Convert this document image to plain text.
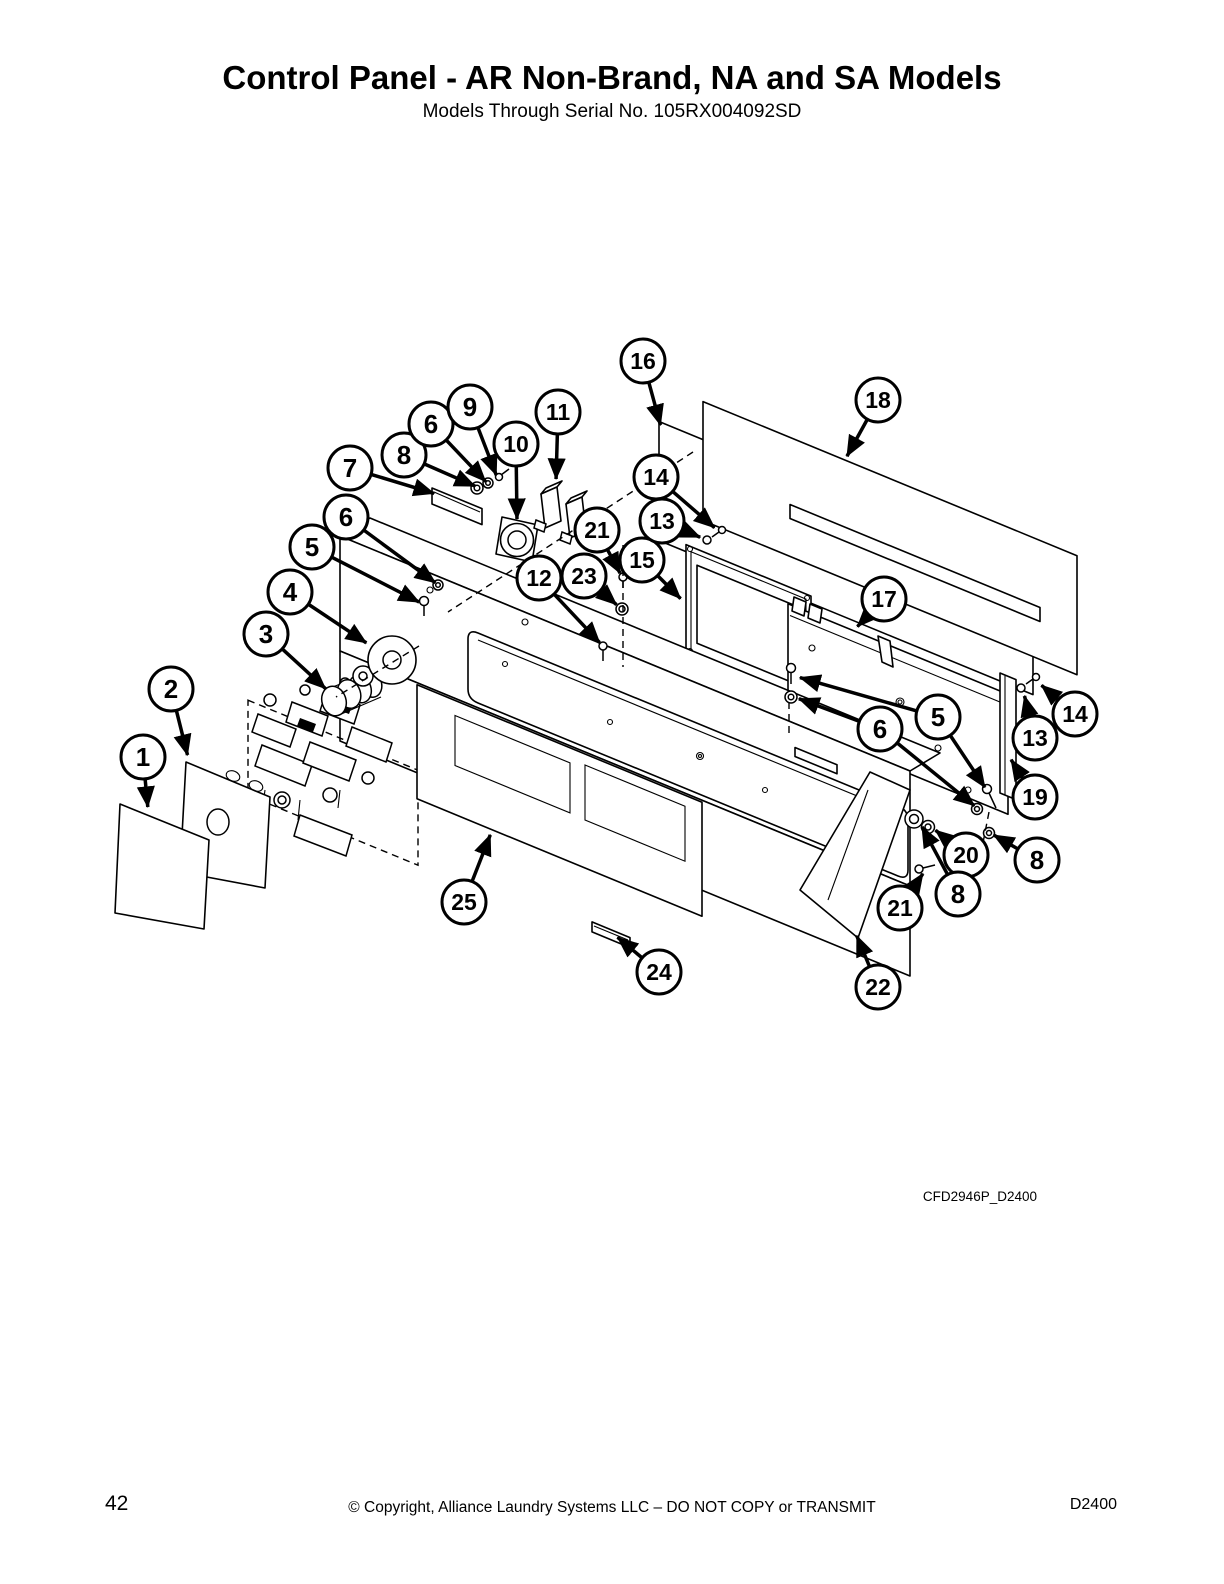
Control Panel - AR Non-Brand, NA and SA Models
Models Through Serial No. 105RX004092SD
1
2
3
4
5
6
7 8
6
9
10
11
12 23
21
15
13
14
16
18
17
5
6	13
14
19
20 8
8
21
22
24
25
CFD2946P_D2400
42	© Copyright, Alliance Laundry Systems LLC – DO NOT COPY or TRANSMIT	D2400
